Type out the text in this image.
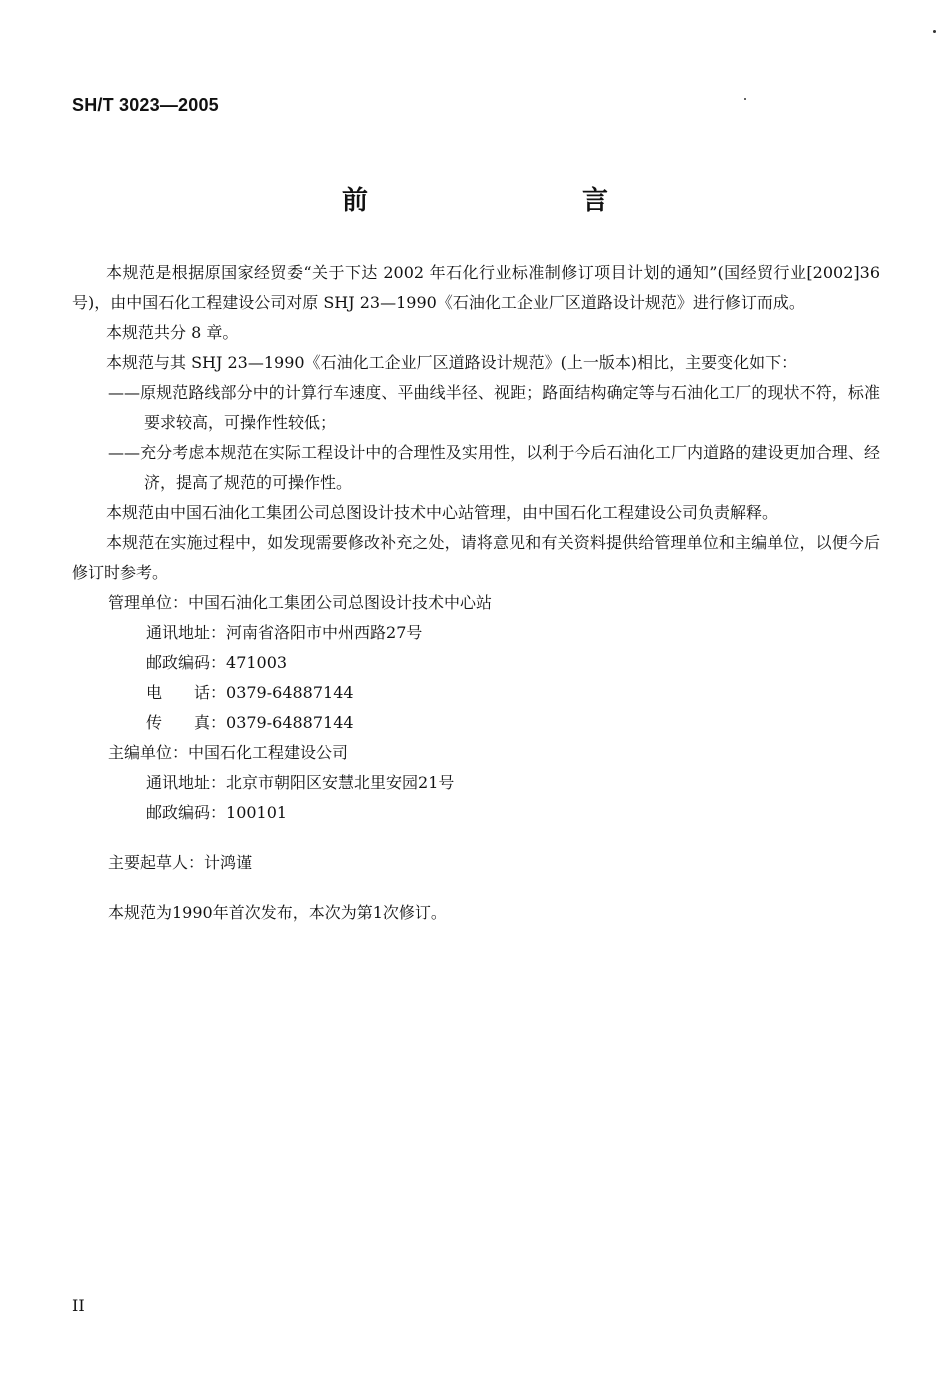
SH/T 3023—2005
前　　言

本规范是根据原国家经贸委“关于下达 2002 年石化行业标准制修订项目计划的通知”(国经贸行业[2002]36 号)，由中国石化工程建设公司对原 SHJ 23—1990《石油化工企业厂区道路设计规范》进行修订而成。

本规范共分 8 章。

本规范与其 SHJ 23—1990《石油化工企业厂区道路设计规范》(上一版本)相比，主要变化如下：

——原规范路线部分中的计算行车速度、平曲线半径、视距；路面结构确定等与石油化工厂的现状不符，标准要求较高，可操作性较低；

——充分考虑本规范在实际工程设计中的合理性及实用性，以利于今后石油化工厂内道路的建设更加合理、经济，提高了规范的可操作性。

本规范由中国石油化工集团公司总图设计技术中心站管理，由中国石化工程建设公司负责解释。

本规范在实施过程中，如发现需要修改补充之处，请将意见和有关资料提供给管理单位和主编单位，以便今后修订时参考。

管理单位：中国石油化工集团公司总图设计技术中心站

通讯地址：河南省洛阳市中州西路27号

邮政编码：471003

电　　话：0379-64887144

传　　真：0379-64887144

主编单位：中国石化工程建设公司

通讯地址：北京市朝阳区安慧北里安园21号

邮政编码：100101

主要起草人：计鸿谨

本规范为1990年首次发布，本次为第1次修订。

II
